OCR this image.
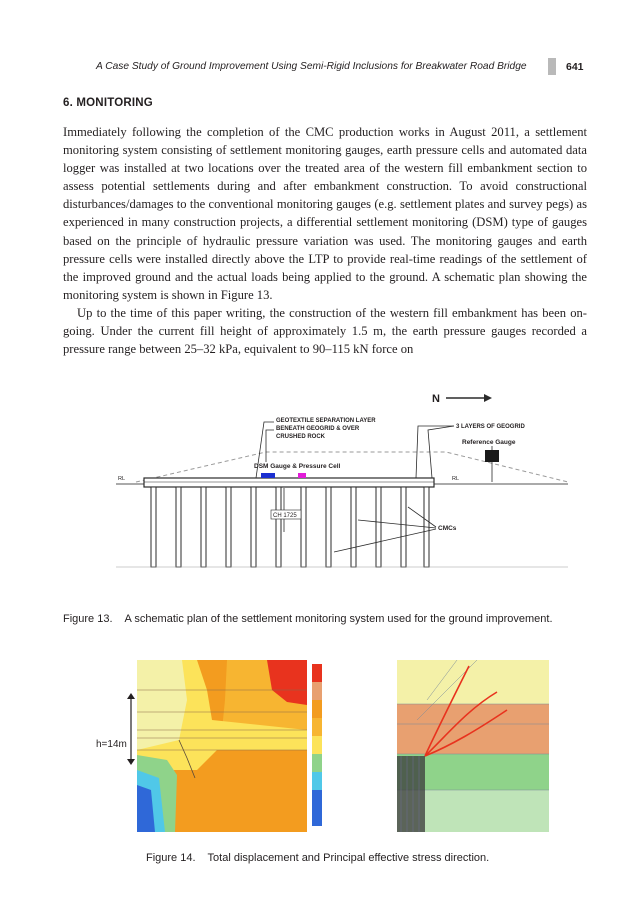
A Case Study of Ground Improvement Using Semi-Rigid Inclusions for Breakwater Road Bridge	641
6. MONITORING

Immediately following the completion of the CMC production works in August 2011, a settlement monitoring system consisting of settlement monitoring gauges, earth pressure cells and automated data logger was installed at two locations over the treated area of the western fill embankment section to assess potential settlements during and after embankment construction. To avoid constructional disturbances/damages to the conventional monitoring gauges (e.g. settlement plates and survey pegs) as experienced in many construction projects, a differential settlement monitoring (DSM) type of gauges based on the principle of hydraulic pressure variation was used. The monitoring gauges and earth pressure cells were installed directly above the LTP to provide real-time readings of the settlement of the improved ground and the actual loads being applied to the ground. A schematic plan showing the monitoring system is shown in Figure 13.

Up to the time of this paper writing, the construction of the western fill embankment has been on-going. Under the current fill height of approximately 1.5 m, the earth pressure gauges recorded a pressure range between 25–32 kPa, equivalent to 90–115 kN force on

CH 1725
DSM Gauge & Pressure Cell
RL	RL
GEOTEXTILE SEPARATION LAYER
BENEATH GEOGRID & OVER
CRUSHED ROCK
3 LAYERS OF GEOGRID
N
Reference Gauge
CMCs
Figure 13. A schematic plan of the settlement monitoring system used for the ground improvement.
h=14m
Figure 14. Total displacement and Principal effective stress direction.
